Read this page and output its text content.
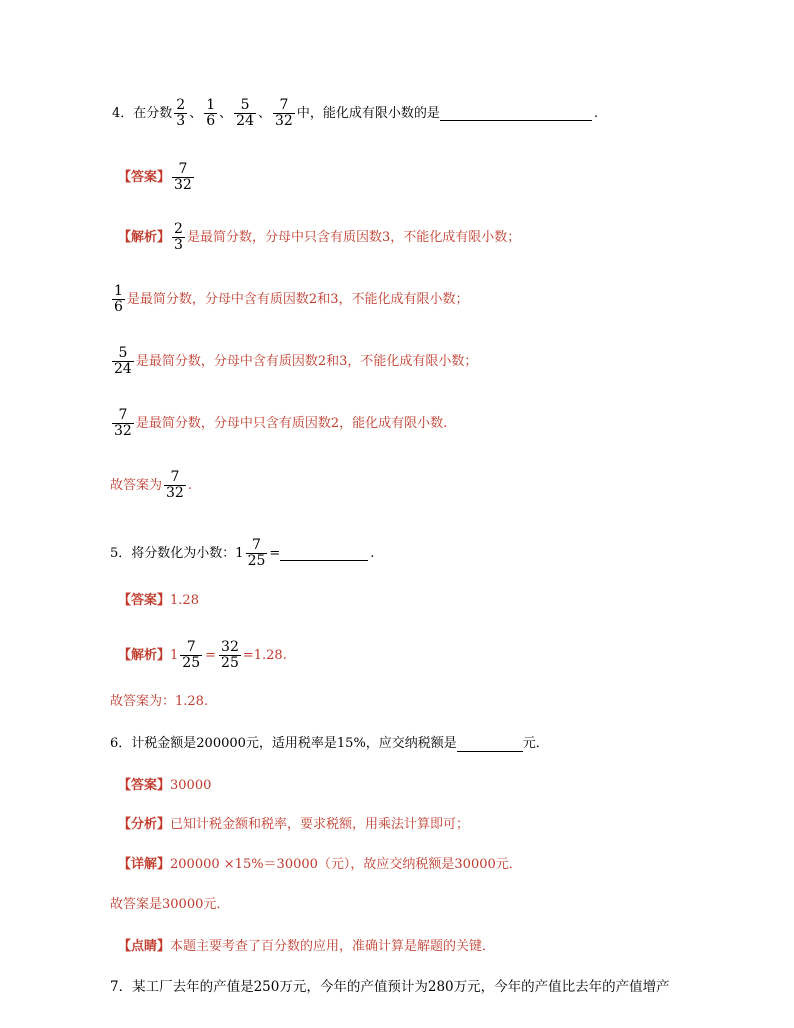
4．在分数 $\frac{2}{3}$ 、 $\frac{1}{6}$ 、 $\frac{5}{24}$ 、 $\frac{7}{32}$ 中，能化成有限小数的是	.
【答案】 $\frac{7}{32}$
【解析】 $\frac{2}{3}$ 是最简分数，分母中只含有质因数3，不能化成有限小数；
$\frac{1}{6}$ 是最简分数，分母中含有质因数2和3，不能化成有限小数；
$\frac{5}{24}$ 是最简分数，分母中含有质因数2和3，不能化成有限小数；
$\frac{7}{32}$ 是最简分数，分母中只含有质因数2，能化成有限小数.
故答案为 $\frac{7}{32}$ .
5．将分数化为小数： $1 \frac{7}{25}$ =	.
【答案】 1.28
【解析】 $1 \frac{7}{25} = \frac{32}{25} =1.28$.
故答案为：1.28.
6．计税金额是200000元，适用税率是15%，应交纳税额是	元．
【答案】 30000
【分析】 已知计税金额和税率，要求税额，用乘法计算即可；
【详解】 200000 ×15%＝30000（元），故应交纳税额是30000元．
故答案是30000元．
【点睛】 本题主要考查了百分数的应用，准确计算是解题的关键．
7．某工厂去年的产值是250万元，今年的产值预计为280万元，今年的产值比去年的产值增产
